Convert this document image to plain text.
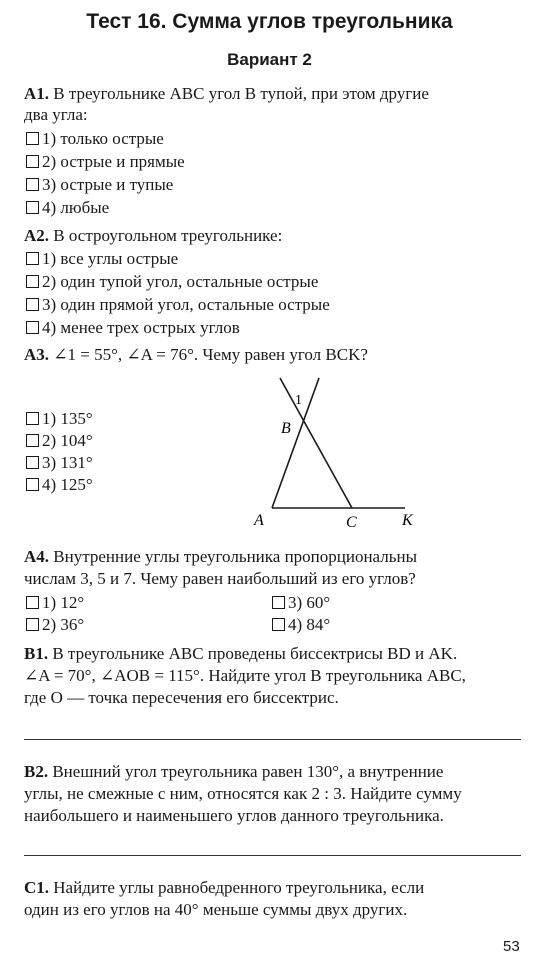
Тест 16. Сумма углов треугольника
Вариант 2
A1. В треугольнике ABC угол B тупой, при этом другие
два угла:
1) только острые
2) острые и прямые
3) острые и тупые
4) любые
A2. В остроугольном треугольнике:
1) все углы острые
2) один тупой угол, остальные острые
3) один прямой угол, остальные острые
4) менее трех острых углов
A3. ∠1 = 55°, ∠A = 76°. Чему равен угол BCK?
1) 135°
2) 104°
3) 131°
4) 125°
1
B
A	C	K
A4. Внутренние углы треугольника пропорциональны
числам 3, 5 и 7. Чему равен наибольший из его углов?
1) 12°	3) 60°
2) 36°	4) 84°
B1. В треугольнике ABC проведены биссектрисы BD и AK.
∠A = 70°, ∠AOB = 115°. Найдите угол B треугольника ABC,
где O — точка пересечения его биссектрис.
B2. Внешний угол треугольника равен 130°, а внутренние
углы, не смежные с ним, относятся как 2 : 3. Найдите сумму
наибольшего и наименьшего углов данного треугольника.
C1. Найдите углы равнобедренного треугольника, если
один из его углов на 40° меньше суммы двух других.
53
